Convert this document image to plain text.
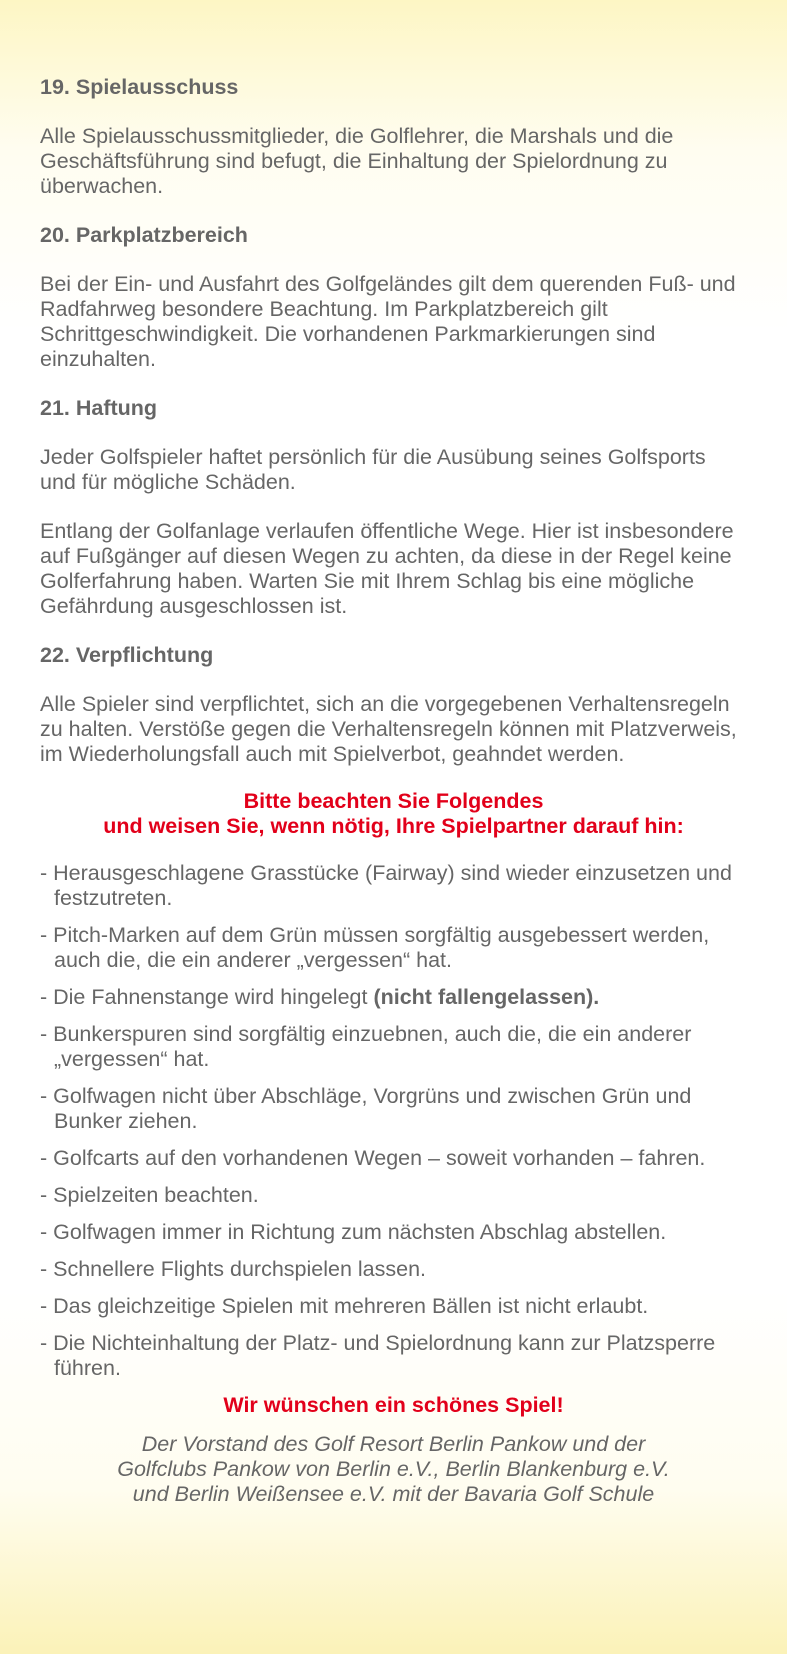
19. Spielausschuss

Alle Spielausschussmitglieder, die Golflehrer, die Marshals und die Geschäftsführung sind befugt, die Einhaltung der Spielordnung zu überwachen.

20. Parkplatzbereich

Bei der Ein- und Ausfahrt des Golfgeländes gilt dem querenden Fuß- und Radfahrweg besondere Beachtung. Im Parkplatzbereich gilt Schrittgeschwindigkeit. Die vorhandenen Parkmarkierungen sind einzuhalten.

21. Haftung

Jeder Golfspieler haftet persönlich für die Ausübung seines Golfsports und für mögliche Schäden.

Entlang der Golfanlage verlaufen öffentliche Wege. Hier ist insbesondere auf Fußgänger auf diesen Wegen zu achten, da diese in der Regel keine Golferfahrung haben. Warten Sie mit Ihrem Schlag bis eine mögliche Gefährdung ausgeschlossen ist.

22. Verpflichtung

Alle Spieler sind verpflichtet, sich an die vorgegebenen Verhaltensregeln zu halten. Verstöße gegen die Verhaltensregeln können mit Platzverweis, im Wiederholungsfall auch mit Spielverbot, geahndet werden.

Bitte beachten Sie Folgendes

und weisen Sie, wenn nötig, Ihre Spielpartner darauf hin:

- Herausgeschlagene Grasstücke (Fairway) sind wieder einzusetzen und festzutreten.
- Pitch-Marken auf dem Grün müssen sorgfältig ausgebessert werden, auch die, die ein anderer „vergessen“ hat.
- Die Fahnenstange wird hingelegt (nicht fallengelassen).
- Bunkerspuren sind sorgfältig einzuebnen, auch die, die ein anderer „vergessen“ hat.
- Golfwagen nicht über Abschläge, Vorgrüns und zwischen Grün und Bunker ziehen.
- Golfcarts auf den vorhandenen Wegen – soweit vorhanden – fahren.
- Spielzeiten beachten.
- Golfwagen immer in Richtung zum nächsten Abschlag abstellen.
- Schnellere Flights durchspielen lassen.
- Das gleichzeitige Spielen mit mehreren Bällen ist nicht erlaubt.
- Die Nichteinhaltung der Platz- und Spielordnung kann zur Platzsperre führen.

Wir wünschen ein schönes Spiel!

Der Vorstand des Golf Resort Berlin Pankow und der

Golfclubs Pankow von Berlin e.V., Berlin Blankenburg e.V.

und Berlin Weißensee e.V. mit der Bavaria Golf Schule
